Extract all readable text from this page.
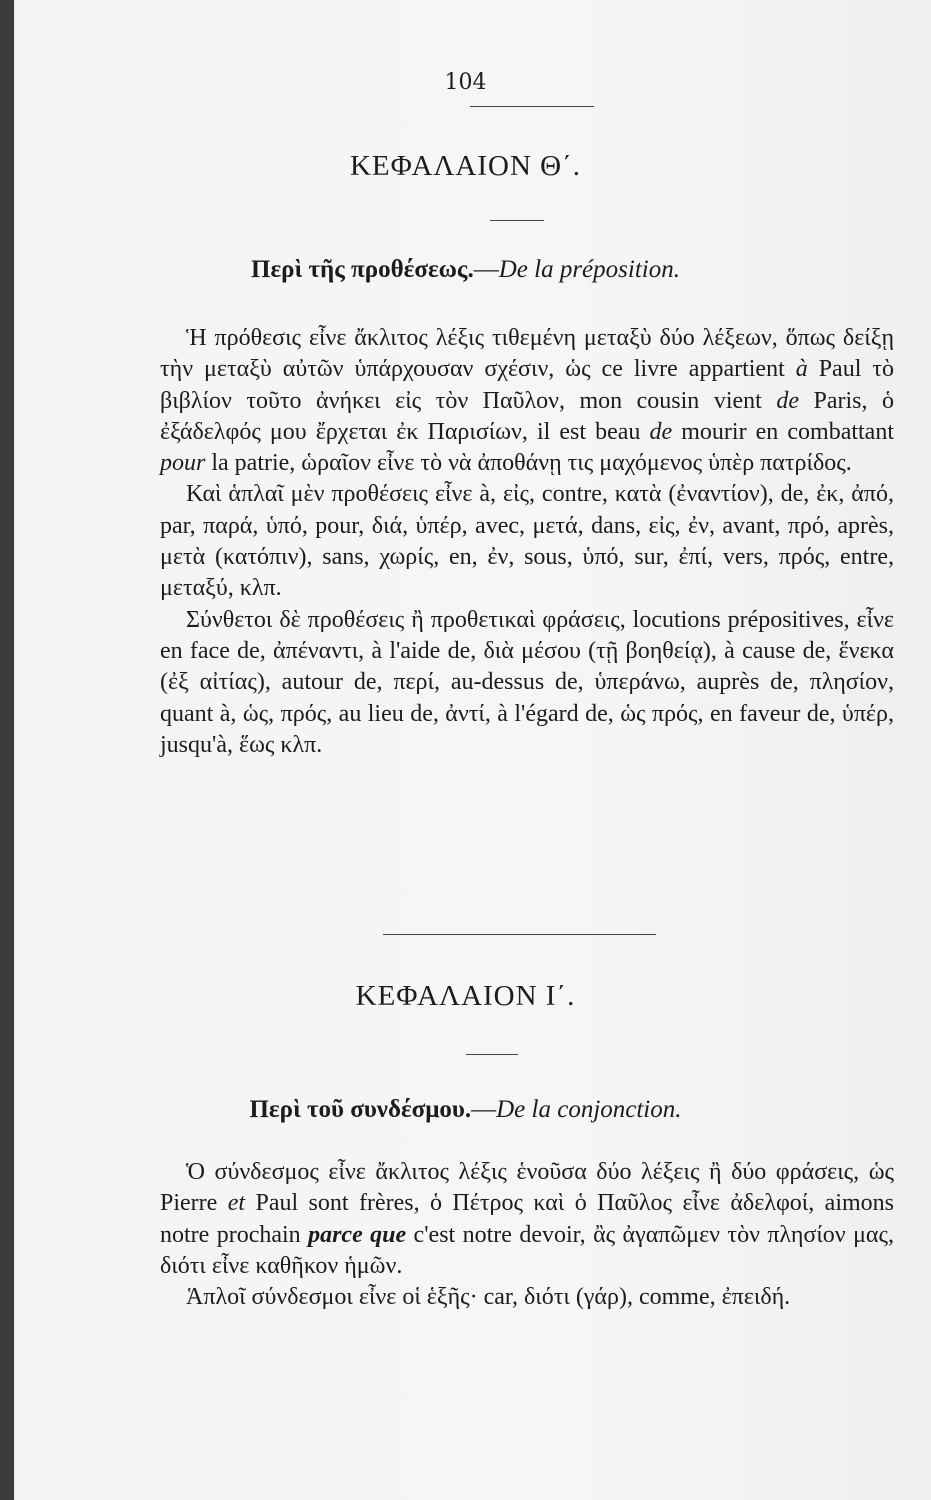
104
ΚΕΦΑΛΑΙΟΝ Θ΄.
Περὶ τῆς προθέσεως.—De la préposition.

Ἡ πρόθεσις εἶνε ἄκλιτος λέξις τιθεμένη μεταξὺ δύο λέξεων, ὅπως δείξῃ τὴν μεταξὺ αὐτῶν ὑπάρχουσαν σχέσιν, ὡς ce livre appartient à Paul τὸ βιβλίον τοῦτο ἀνήκει εἰς τὸν Παῦλον, mon cousin vient de Paris, ὁ ἐξάδελφός μου ἔρχεται ἐκ Παρισίων, il est beau de mourir en combattant pour la patrie, ὡραῖον εἶνε τὸ νὰ ἀποθάνῃ τις μαχόμενος ὑπὲρ πατρίδος.

Καὶ ἁπλαῖ μὲν προθέσεις εἶνε à, εἰς, contre, κατὰ (ἐναντίον), de, ἐκ, ἀπό, par, παρά, ὑπό, pour, διά, ὑπέρ, avec, μετά, dans, εἰς, ἐν, avant, πρό, après, μετὰ (κατόπιν), sans, χωρίς, en, ἐν, sous, ὑπό, sur, ἐπί, vers, πρός, entre, μεταξύ, κλπ.

Σύνθετοι δὲ προθέσεις ἢ προθετικαὶ φράσεις, locutions prépositives, εἶνε en face de, ἀπέναντι, à l'aide de, διὰ μέσου (τῇ βοηθείᾳ), à cause de, ἕνεκα (ἐξ αἰτίας), autour de, περί, au-dessus de, ὑπεράνω, auprès de, πλησίον, quant à, ὡς, πρός, au lieu de, ἀντί, à l'égard de, ὡς πρός, en faveur de, ὑπέρ, jusqu'à, ἕως κλπ.

ΚΕΦΑΛΑΙΟΝ Ι΄.
Περὶ τοῦ συνδέσμου.—De la conjonction.

Ὁ σύνδεσμος εἶνε ἄκλιτος λέξις ἑνοῦσα δύο λέξεις ἢ δύο φράσεις, ὡς Pierre et Paul sont frères, ὁ Πέτρος καὶ ὁ Παῦλος εἶνε ἀδελφοί, aimons notre prochain parce que c'est notre devoir, ἂς ἀγαπῶμεν τὸν πλησίον μας, διότι εἶνε καθῆκον ἡμῶν.

Ἁπλοῖ σύνδεσμοι εἶνε οἱ ἑξῆς· car, διότι (γάρ), comme, ἐπειδή.
